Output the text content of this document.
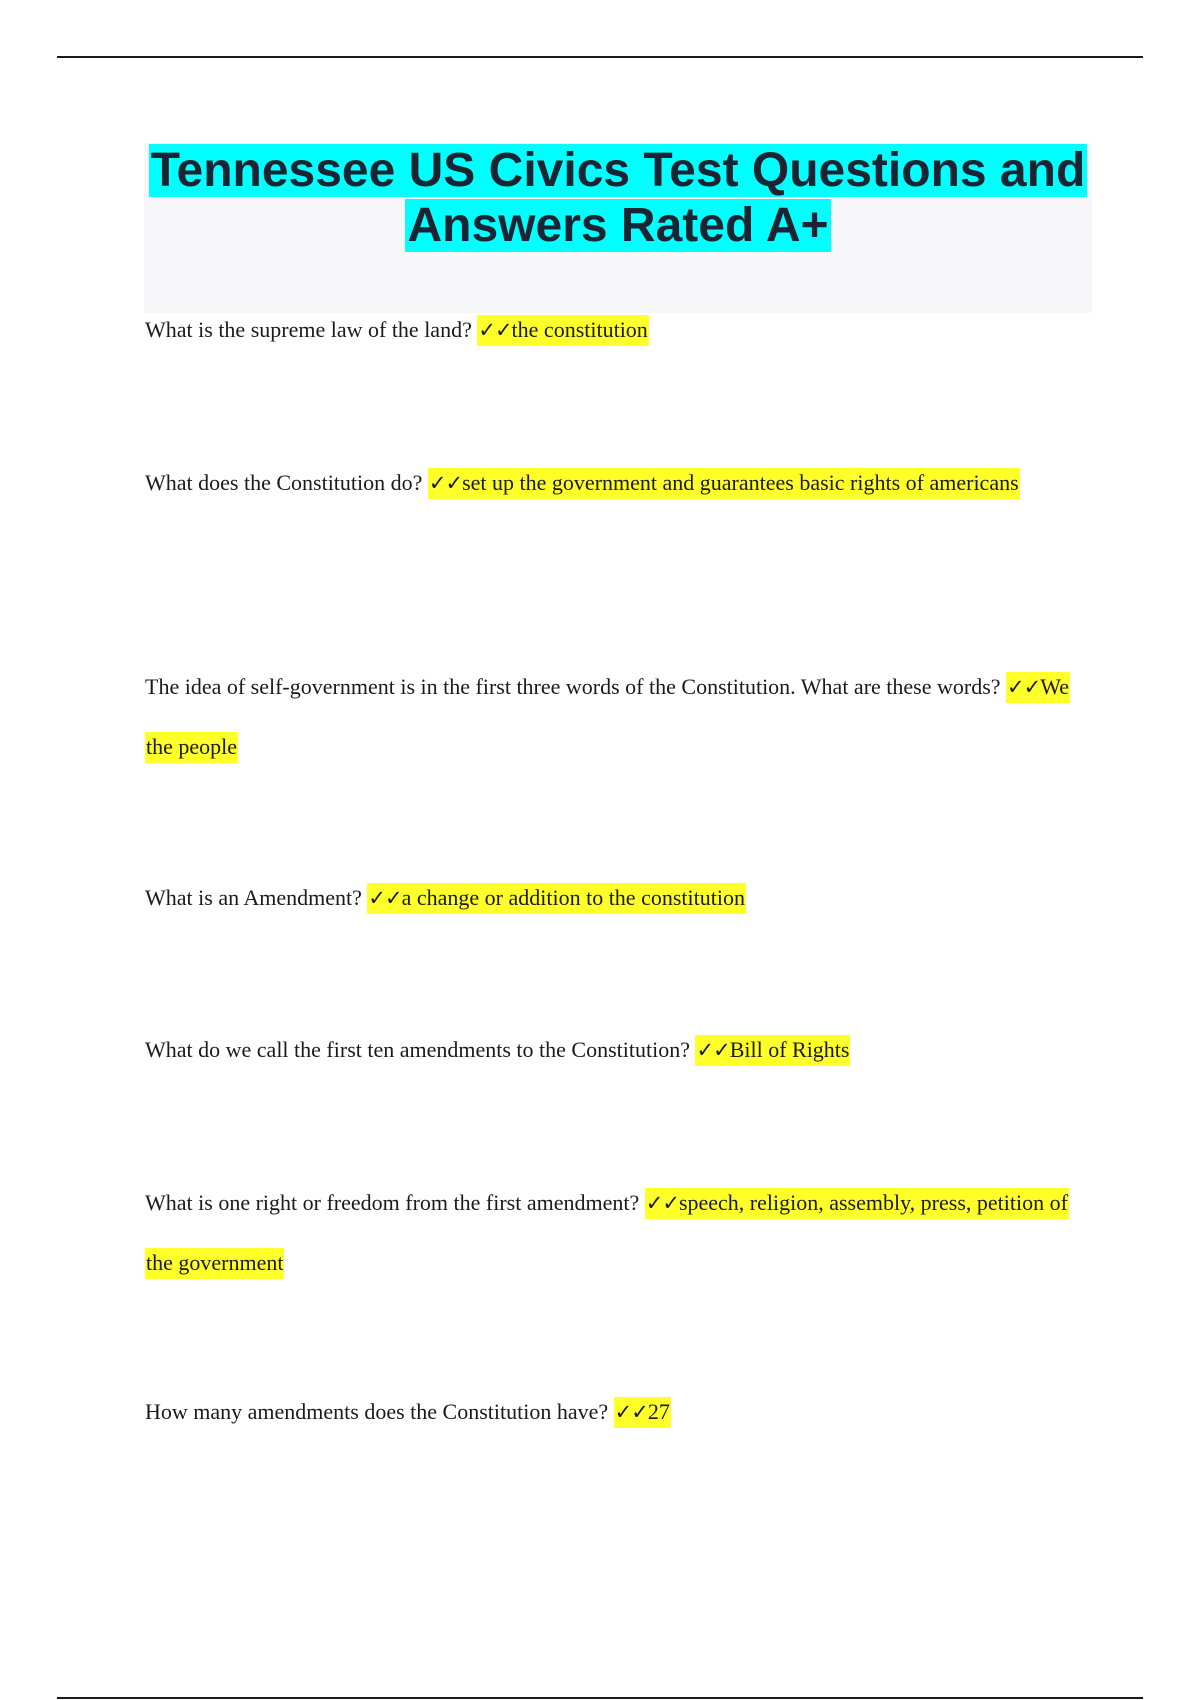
Tennessee US Civics Test Questions and Answers Rated A+

What is the supreme law of the land? ✓✓the constitution

What does the Constitution do? ✓✓set up the government and guarantees basic rights of americans

The idea of self-government is in the first three words of the Constitution. What are these words? ✓✓We the people

What is an Amendment? ✓✓a change or addition to the constitution

What do we call the first ten amendments to the Constitution? ✓✓Bill of Rights

What is one right or freedom from the first amendment? ✓✓speech, religion, assembly, press, petition of the government

How many amendments does the Constitution have? ✓✓27
